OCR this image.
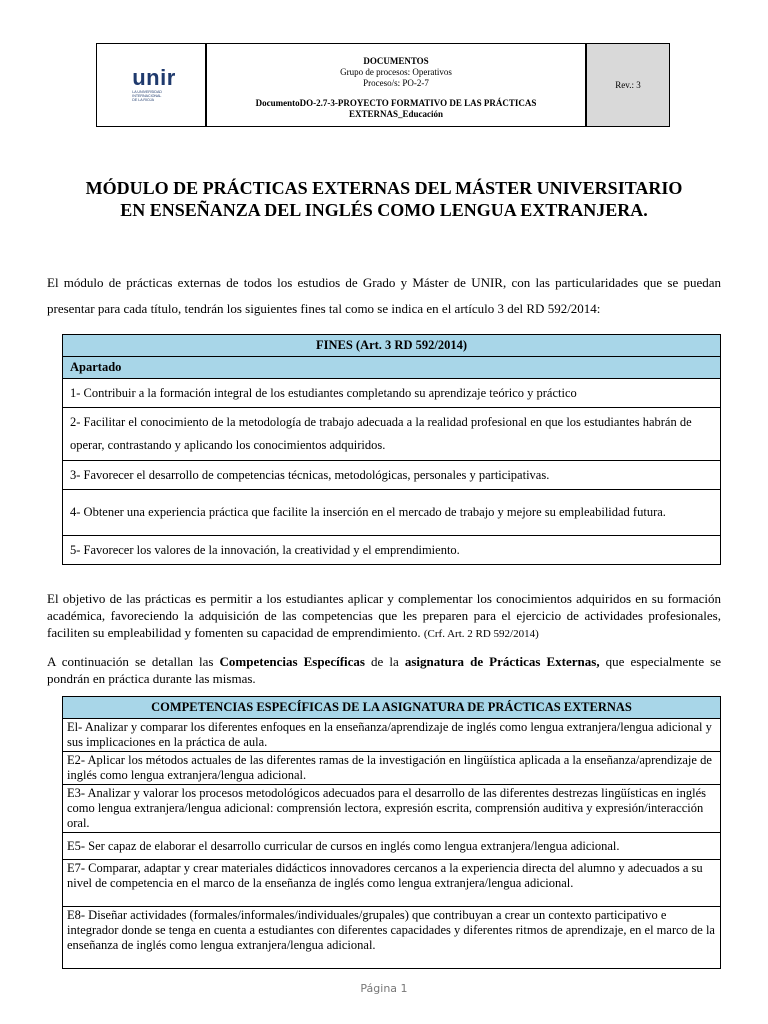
unir
LA UNIVERSIDAD
INTERNACIONAL
DE LA RIOJA
DOCUMENTOS
Grupo de procesos: Operativos
Proceso/s: PO-2-7
DocumentoDO-2.7-3-PROYECTO FORMATIVO DE LAS PRÁCTICAS
EXTERNAS_Educación
Rev.: 3
MÓDULO DE PRÁCTICAS EXTERNAS DEL MÁSTER UNIVERSITARIO
EN ENSEÑANZA DEL INGLÉS COMO LENGUA EXTRANJERA.
El módulo de prácticas externas de todos los estudios de Grado y Máster de UNIR, con las particularidades que se puedan presentar para cada título, tendrán los siguientes fines tal como se indica en el artículo 3 del RD 592/2014:
FINES (Art. 3 RD 592/2014)
Apartado
1- Contribuir a la formación integral de los estudiantes completando su aprendizaje teórico y práctico
2- Facilitar el conocimiento de la metodología de trabajo adecuada a la realidad profesional en que los estudiantes habrán de operar, contrastando y aplicando los conocimientos adquiridos.
3- Favorecer el desarrollo de competencias técnicas, metodológicas, personales y participativas.
4- Obtener una experiencia práctica que facilite la inserción en el mercado de trabajo y mejore su empleabilidad futura.
5- Favorecer los valores de la innovación, la creatividad y el emprendimiento.
El objetivo de las prácticas es permitir a los estudiantes aplicar y complementar los conocimientos adquiridos en su formación académica, favoreciendo la adquisición de las competencias que les preparen para el ejercicio de actividades profesionales, faciliten su empleabilidad y fomenten su capacidad de emprendimiento. (Crf. Art. 2 RD 592/2014)
A continuación se detallan las Competencias Específicas de la asignatura de Prácticas Externas, que especialmente se pondrán en práctica durante las mismas.
COMPETENCIAS ESPECÍFICAS DE LA ASIGNATURA DE PRÁCTICAS EXTERNAS
El- Analizar y comparar los diferentes enfoques en la enseñanza/aprendizaje de inglés como lengua extranjera/lengua adicional y sus implicaciones en la práctica de aula.
E2- Aplicar los métodos actuales de las diferentes ramas de la investigación en lingüística aplicada a la enseñanza/aprendizaje de inglés como lengua extranjera/lengua adicional.
E3- Analizar y valorar los procesos metodológicos adecuados para el desarrollo de las diferentes destrezas lingüísticas en inglés como lengua extranjera/lengua adicional: comprensión lectora, expresión escrita, comprensión auditiva y expresión/interacción oral.
E5- Ser capaz de elaborar el desarrollo curricular de cursos en inglés como lengua extranjera/lengua adicional.
E7- Comparar, adaptar y crear materiales didácticos innovadores cercanos a la experiencia directa del alumno y adecuados a su nivel de competencia en el marco de la enseñanza de inglés como lengua extranjera/lengua adicional.
E8- Diseñar actividades (formales/informales/individuales/grupales) que contribuyan a crear un contexto participativo e integrador donde se tenga en cuenta a estudiantes con diferentes capacidades y diferentes ritmos de aprendizaje, en el marco de la enseñanza de inglés como lengua extranjera/lengua adicional.
Página 1
